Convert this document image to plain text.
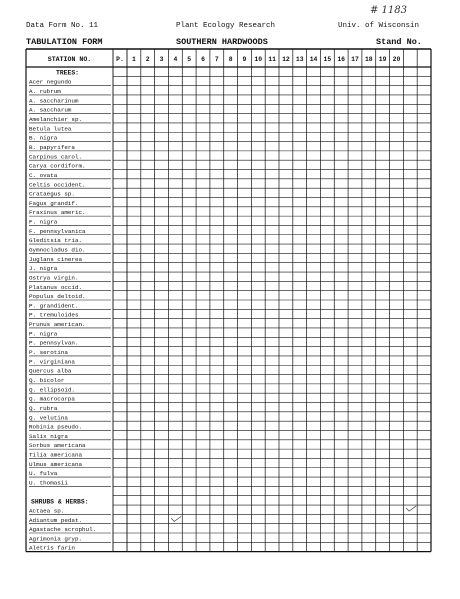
Data Form No. 11	Plant Ecology Research	Univ. of Wisconsin
# 1183
TABULATION FORM	SOUTHERN HARDWOODS	Stand No.
STATION NO.	P. 1 2 3 4 5 6 7 8 9 10 11 12 13 14 15 16 17 18 19 20
TREES:
Acer negundo
A. rubrum
A. saccharinum
A. saccharum
Amelanchier sp.
Betula lutea
B. nigra
B. papyrifera
Carpinus carol.
Carya cordiform.
C. ovata
Celtis occident.
Crataegus sp.
Fagus grandif.
Fraxinus americ.
F. nigra
F. pennsylvanica
Gleditsia tria.
Gymnocladus dio.
Juglans cinerea
J. nigra
Ostrya virgin.
Platanus occid.
Populus deltoid.
P. grandident.
P. tremuloides
Prunus american.
P. nigra
P. pennsylvan.
P. serotina
P. virginiana
Quercus alba
Q. bicolor
Q. ellipsoid.
Q. macrocarpa
Q. rubra
Q. velutina
Robinia pseudo.
Salix nigra
Sorbus americana
Tilia americana
Ulmus americana
U. fulva
U. thomasii
SHRUBS & HERBS:
Actaea sp.
Adiantum pedat.
Agastache scrophul.
Agrimonia gryp.
Aletris farin
